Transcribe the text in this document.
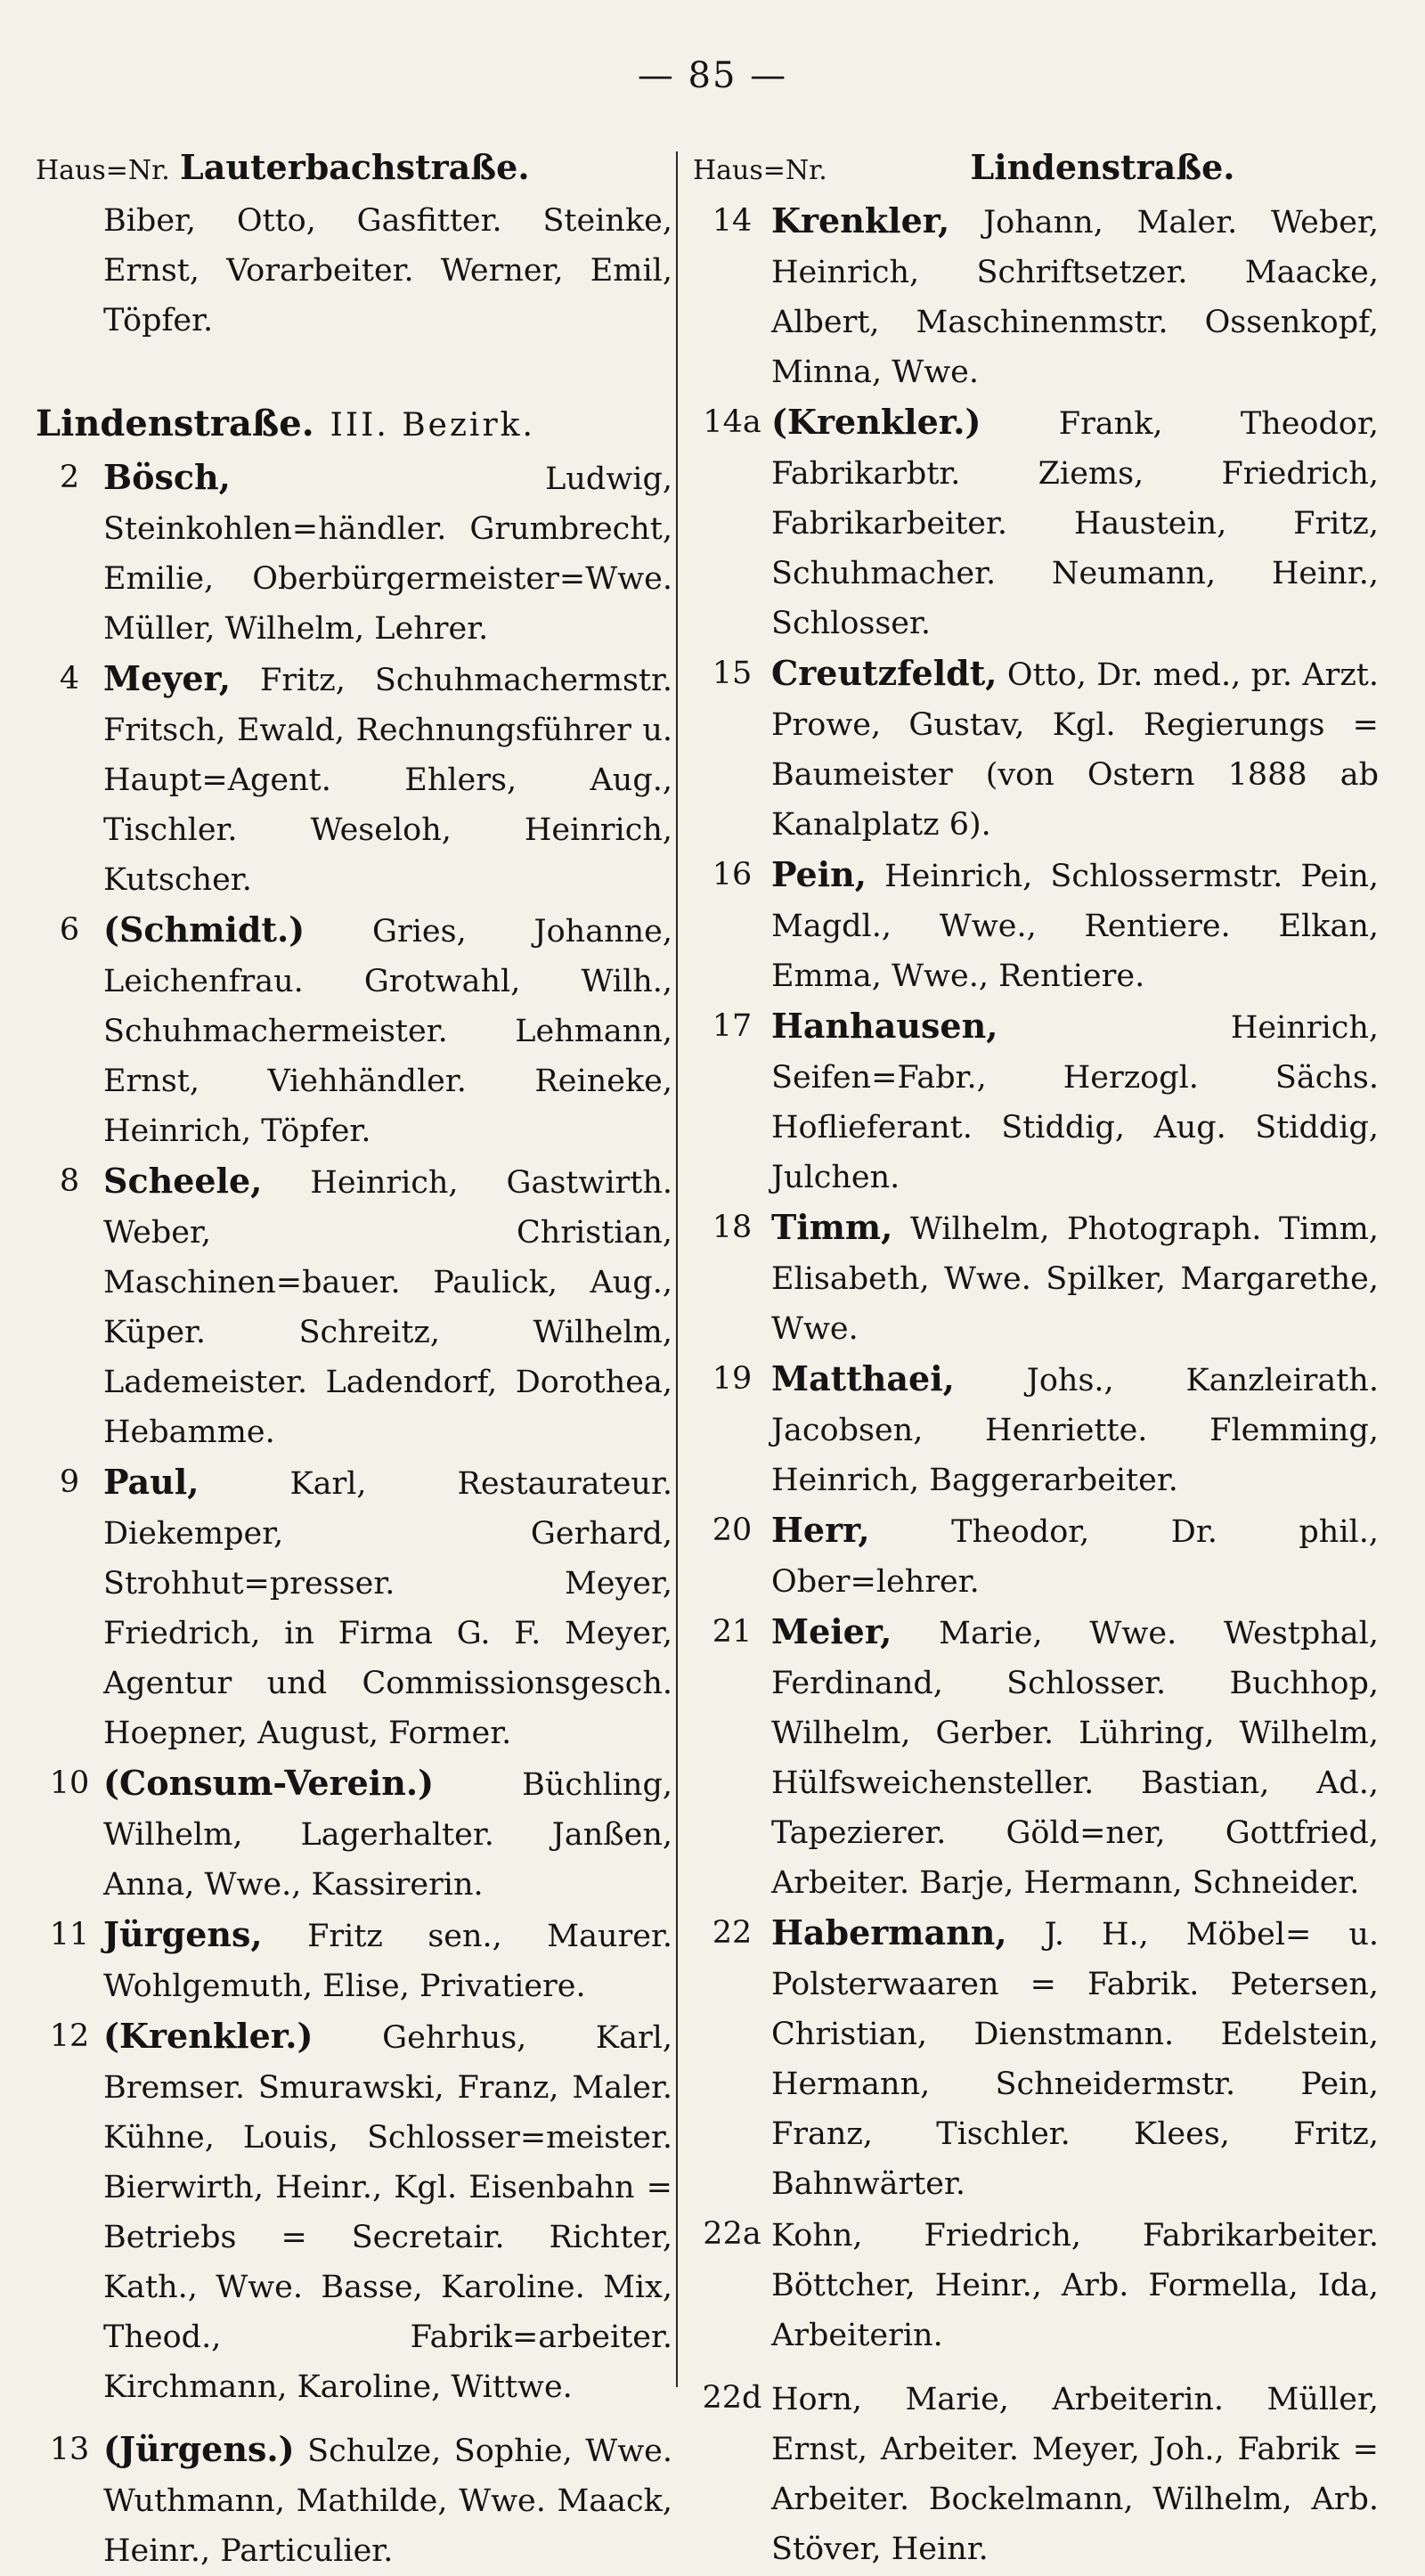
— 85 —
Haus=Nr. Lauterbachstraße.
Biber, Otto, Gasfitter. Steinke, Ernst, Vorarbeiter. Werner, Emil, Töpfer.
Lindenstraße. III. Bezirk.
2 Bösch,	Ludwig, Steinkohlen=händler. Grumbrecht, Emilie, Oberbürgermeister=Wwe. Müller, Wilhelm, Lehrer.
4 Meyer, Fritz, Schuhmachermstr. Fritsch, Ewald, Rechnungsführer u. Haupt=Agent. Ehlers, Aug., Tischler. Weseloh, Heinrich, Kutscher.
6 (Schmidt.) Gries, Johanne, Leichenfrau. Grotwahl, Wilh., Schuhmachermeister. Lehmann, Ernst, Viehhändler. Reineke, Heinrich, Töpfer.
8 Scheele, Heinrich, Gastwirth. Weber, Christian, Maschinen=bauer. Paulick, Aug., Küper. Schreitz, Wilhelm, Lademeister. Ladendorf, Dorothea, Hebamme.
9 Paul,	Karl, Restaurateur. Diekemper, Gerhard, Strohhut=presser. Meyer, Friedrich, in Firma G. F. Meyer, Agentur und Commissionsgesch. Hoepner, August, Former.
10 (Consum-Verein.)	Büchling, Wilhelm, Lagerhalter. Janßen, Anna, Wwe., Kassirerin.
11 Jürgens, Fritz sen., Maurer. Wohlgemuth, Elise, Privatiere.
12 (Krenkler.) Gehrhus, Karl, Bremser. Smurawski, Franz, Maler. Kühne, Louis, Schlosser=meister. Bierwirth, Heinr., Kgl. Eisenbahn = Betriebs = Secretair. Richter, Kath., Wwe. Basse, Karoline. Mix, Theod., Fabrik=arbeiter. Kirchmann, Karoline, Wittwe.
13 (Jürgens.) Schulze, Sophie, Wwe. Wuthmann, Mathilde, Wwe. Maack, Heinr., Particulier.
Haus=Nr.	Lindenstraße.
14 Krenkler, Johann, Maler. Weber, Heinrich, Schriftsetzer. Maacke, Albert, Maschinenmstr. Ossenkopf, Minna, Wwe.
14a (Krenkler.) Frank, Theodor, Fabrikarbtr. Ziems, Friedrich, Fabrikarbeiter. Haustein, Fritz, Schuhmacher. Neumann, Heinr., Schlosser.
15 Creutzfeldt, Otto, Dr. med., pr. Arzt. Prowe, Gustav, Kgl. Regierungs = Baumeister (von Ostern 1888 ab Kanalplatz 6).
16 Pein, Heinrich, Schlossermstr. Pein, Magdl., Wwe., Rentiere. Elkan, Emma, Wwe., Rentiere.
17 Hanhausen,	Heinrich, Seifen=Fabr., Herzogl. Sächs. Hoflieferant. Stiddig, Aug. Stiddig, Julchen.
18 Timm, Wilhelm, Photograph. Timm, Elisabeth, Wwe. Spilker, Margarethe, Wwe.
19 Matthaei, Johs., Kanzleirath. Jacobsen, Henriette. Flemming, Heinrich, Baggerarbeiter.
20 Herr,	Theodor, Dr. phil., Ober=lehrer.
21 Meier, Marie, Wwe. Westphal, Ferdinand, Schlosser. Buchhop, Wilhelm, Gerber. Lühring, Wilhelm, Hülfsweichensteller. Bastian, Ad., Tapezierer. Göld=ner, Gottfried, Arbeiter. Barje, Hermann, Schneider.
22 Habermann, J. H., Möbel= u. Polsterwaaren = Fabrik. Petersen, Christian, Dienstmann. Edelstein, Hermann, Schneidermstr. Pein, Franz, Tischler. Klees, Fritz, Bahnwärter.
22a Kohn, Friedrich, Fabrikarbeiter. Böttcher, Heinr., Arb. Formella, Ida, Arbeiterin.
22d Horn, Marie, Arbeiterin. Müller, Ernst, Arbeiter. Meyer, Joh., Fabrik = Arbeiter. Bockelmann, Wilhelm, Arb. Stöver, Heinr.
